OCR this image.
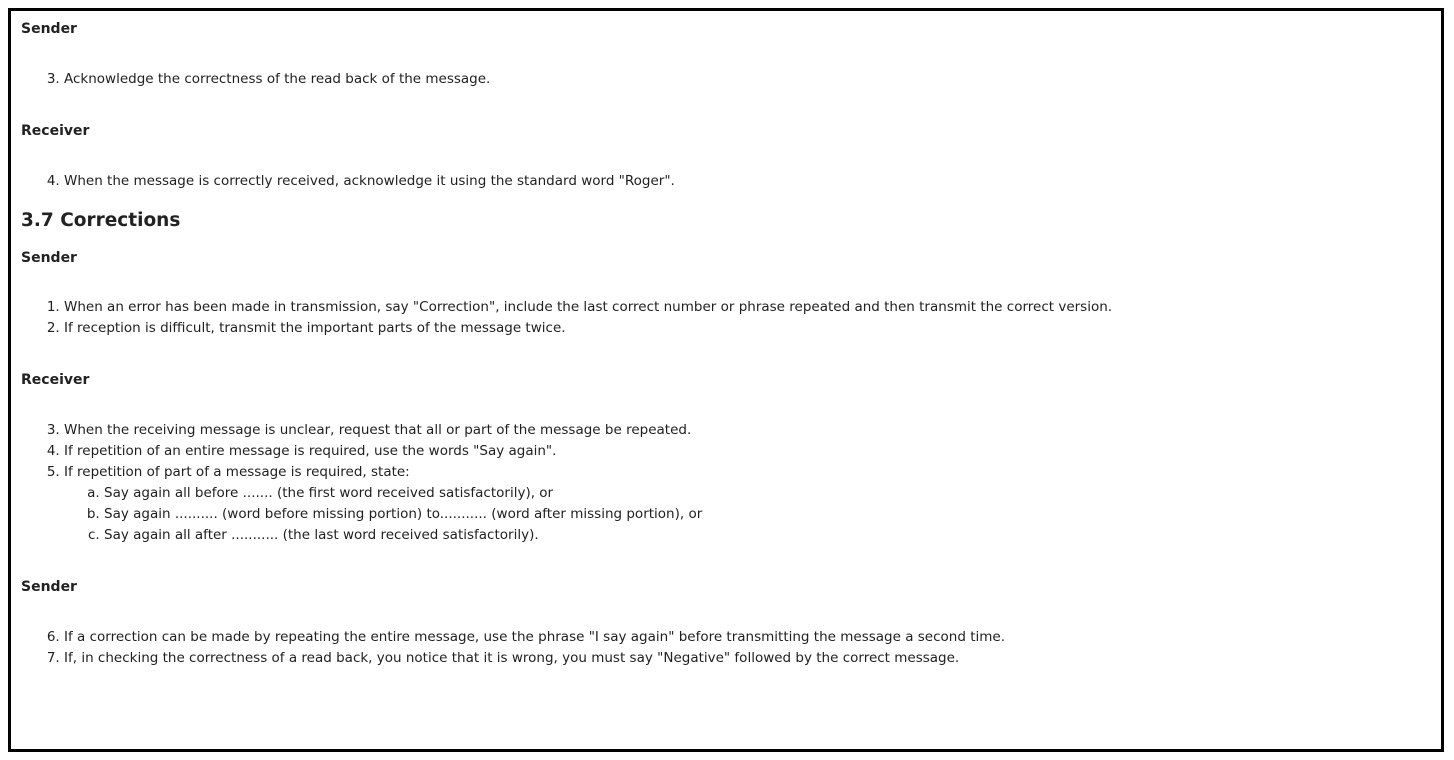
Sender
3. Acknowledge the correctness of the read back of the message.
Receiver
4. When the message is correctly received, acknowledge it using the standard word "Roger".
3.7 Corrections
Sender
1. When an error has been made in transmission, say "Correction", include the last correct number or phrase repeated and then transmit the correct version.
2. If reception is difficult, transmit the important parts of the message twice.
Receiver
3. When the receiving message is unclear, request that all or part of the message be repeated.
4. If repetition of an entire message is required, use the words "Say again".
5. If repetition of part of a message is required, state:
a. Say again all before ....... (the first word received satisfactorily), or
b. Say again .......... (word before missing portion) to........... (word after missing portion), or
c. Say again all after ........... (the last word received satisfactorily).
Sender
6. If a correction can be made by repeating the entire message, use the phrase "I say again" before transmitting the message a second time.
7. If, in checking the correctness of a read back, you notice that it is wrong, you must say "Negative" followed by the correct message.
